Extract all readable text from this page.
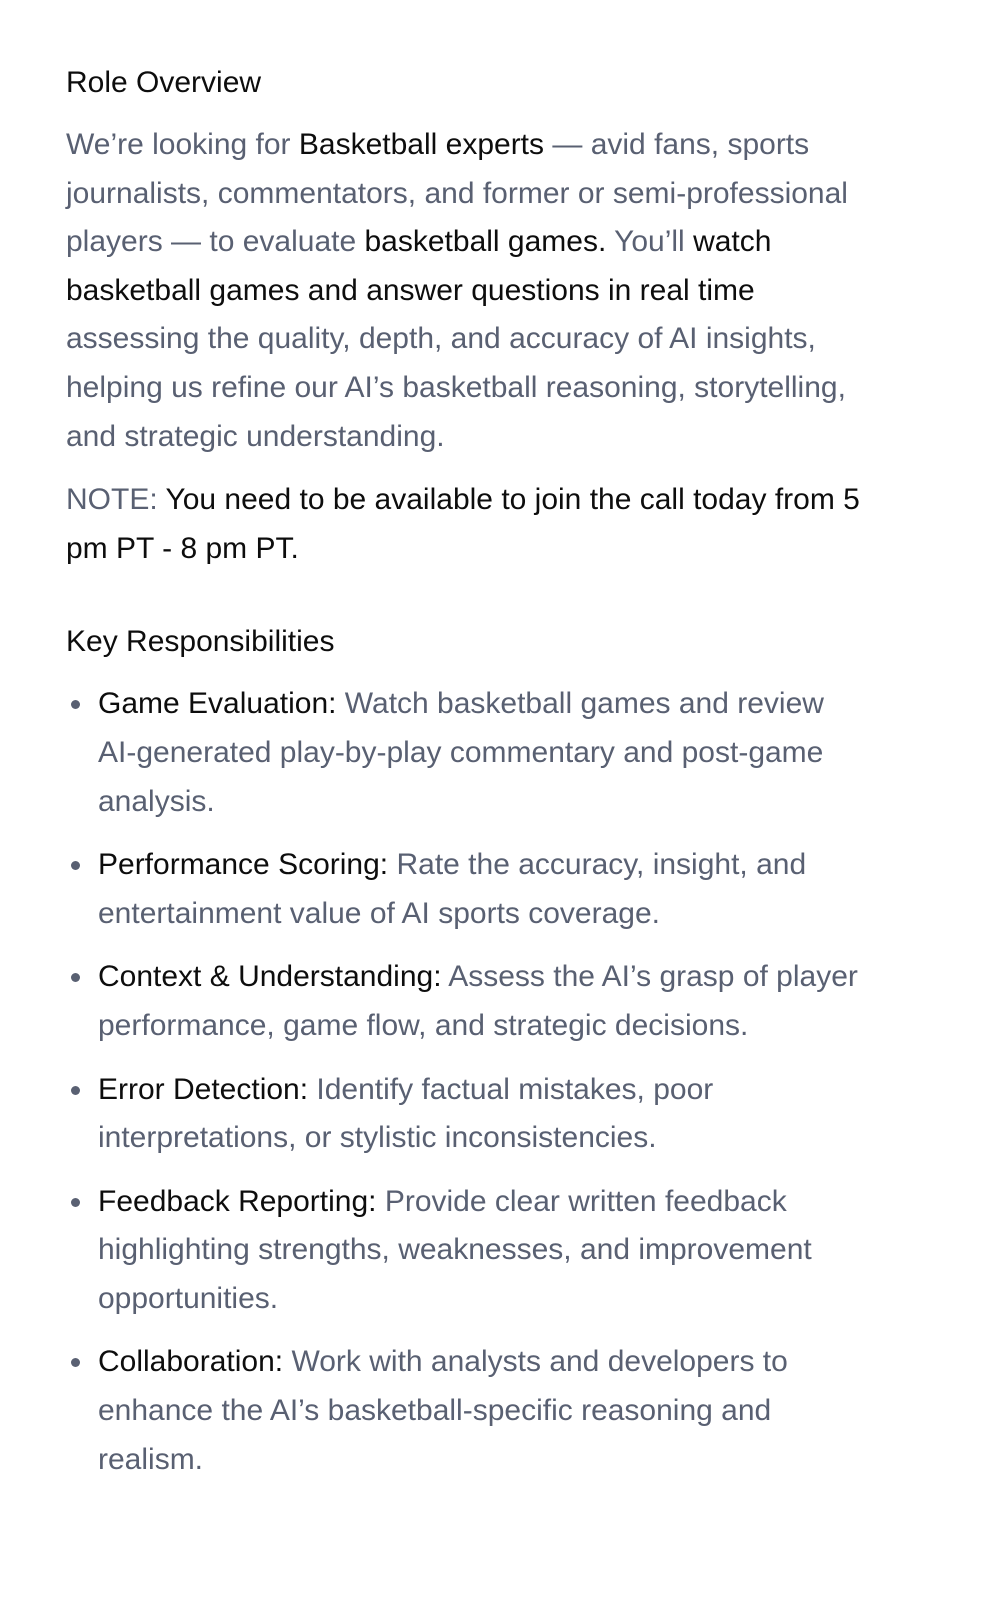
Role Overview

We’re looking for Basketball experts — avid fans, sports journalists, commentators, and former or semi-professional players — to evaluate basketball games. You’ll watch basketball games and answer questions in real time assessing the quality, depth, and accuracy of AI insights, helping us refine our AI’s basketball reasoning, storytelling, and strategic understanding.

NOTE: You need to be available to join the call today from 5 pm PT - 8 pm PT.

Key Responsibilities
Game Evaluation: Watch basketball games and review AI-generated play-by-play commentary and post-game analysis.
Performance Scoring: Rate the accuracy, insight, and entertainment value of AI sports coverage.
Context & Understanding: Assess the AI’s grasp of player performance, game flow, and strategic decisions.
Error Detection: Identify factual mistakes, poor interpretations, or stylistic inconsistencies.
Feedback Reporting: Provide clear written feedback highlighting strengths, weaknesses, and improvement opportunities.
Collaboration: Work with analysts and developers to enhance the AI’s basketball-specific reasoning and realism.
